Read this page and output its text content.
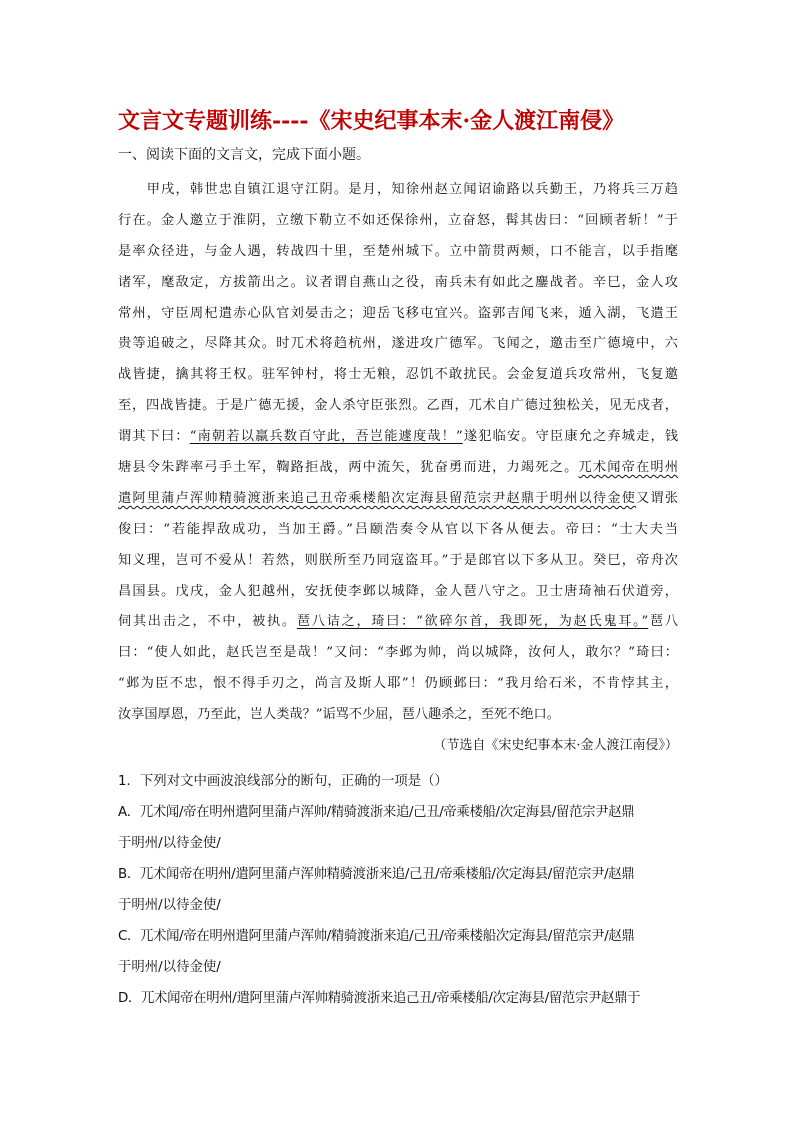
文言文专题训练----《宋史纪事本末·金人渡江南侵》
一、阅读下面的文言文，完成下面小题。
　　甲戌，韩世忠自镇江退守江阴。是月，知徐州赵立闻诏谕路以兵勤王，乃将兵三万趋
行在。金人邀立于淮阴，立缴下勒立不如还保徐州，立奋怒，髯其齿曰：“回顾者斩！”于
是率众径进，与金人遇，转战四十里，至楚州城下。立中箭贯两颊，口不能言，以手指麾
诸军，麾敌定，方拔箭出之。议者谓自燕山之役，南兵未有如此之鏖战者。辛巳，金人攻
常州，守臣周杞遣赤心队官刘晏击之；迎岳飞移屯宜兴。盗郭吉闻飞来，遁入湖，飞遣王
贵等追破之，尽降其众。时兀术将趋杭州，遂进攻广德军。飞闻之，邀击至广德境中，六
战皆捷，擒其将王权。驻军钟村，将士无粮，忍饥不敢扰民。会金复道兵攻常州，飞复邀
至，四战皆捷。于是广德无援，金人杀守臣张烈。乙酉，兀术自广德过独松关，见无戍者，
谓其下曰：“南朝若以羸兵数百守此，吾岂能遽度哉！”遂犯临安。守臣康允之弃城走，钱
塘县令朱跸率弓手土军，鞫路拒战，两中流矢，犹奋勇而进，力竭死之。兀术闻帝在明州
遣阿里蒲卢浑帅精骑渡浙来追己丑帝乘楼船次定海县留范宗尹赵鼎于明州以待金使又谓张
俊曰：“若能捍敌成功，当加王爵。”吕颐浩奏令从官以下各从便去。帝曰：“士大夫当
知义理，岂可不爱从！若然，则朕所至乃同寇盗耳。”于是郎官以下多从卫。癸巳，帝舟次
昌国县。戊戌，金人犯越州，安抚使李邺以城降，金人琶八守之。卫士唐琦袖石伏道旁，
伺其出击之，不中，被执。琶八诘之，琦曰：“欲碎尔首，我即死，为赵氏鬼耳。”琶八
曰：“使人如此，赵氏岂至是哉！”又问：“李邺为帅，尚以城降，汝何人，敢尔？”琦曰：
“邺为臣不忠，恨不得手刃之，尚言及斯人耶”！仍顾邺曰：“我月给石米，不肯悖其主，
汝享国厚恩，乃至此，岂人类哉？”诟骂不少屈，琶八趣杀之，至死不绝口。
（节选自《宋史纪事本末·金人渡江南侵》）
1．下列对文中画波浪线部分的断句，正确的一项是（）
A．兀术闻/帝在明州遣阿里蒲卢浑帅/精骑渡浙来追/己丑/帝乘楼船/次定海县/留范宗尹赵鼎
于明州/以待金使/
B．兀术闻帝在明州/遣阿里蒲卢浑帅精骑渡浙来追/己丑/帝乘楼船/次定海县/留范宗尹/赵鼎
于明州/以待金使/
C．兀术闻/帝在明州遣阿里蒲卢浑帅/精骑渡浙来追/己丑/帝乘楼船次定海县/留范宗尹/赵鼎
于明州/以待金使/
D．兀术闻帝在明州/遣阿里蒲卢浑帅精骑渡浙来追己丑/帝乘楼船/次定海县/留范宗尹赵鼎于
